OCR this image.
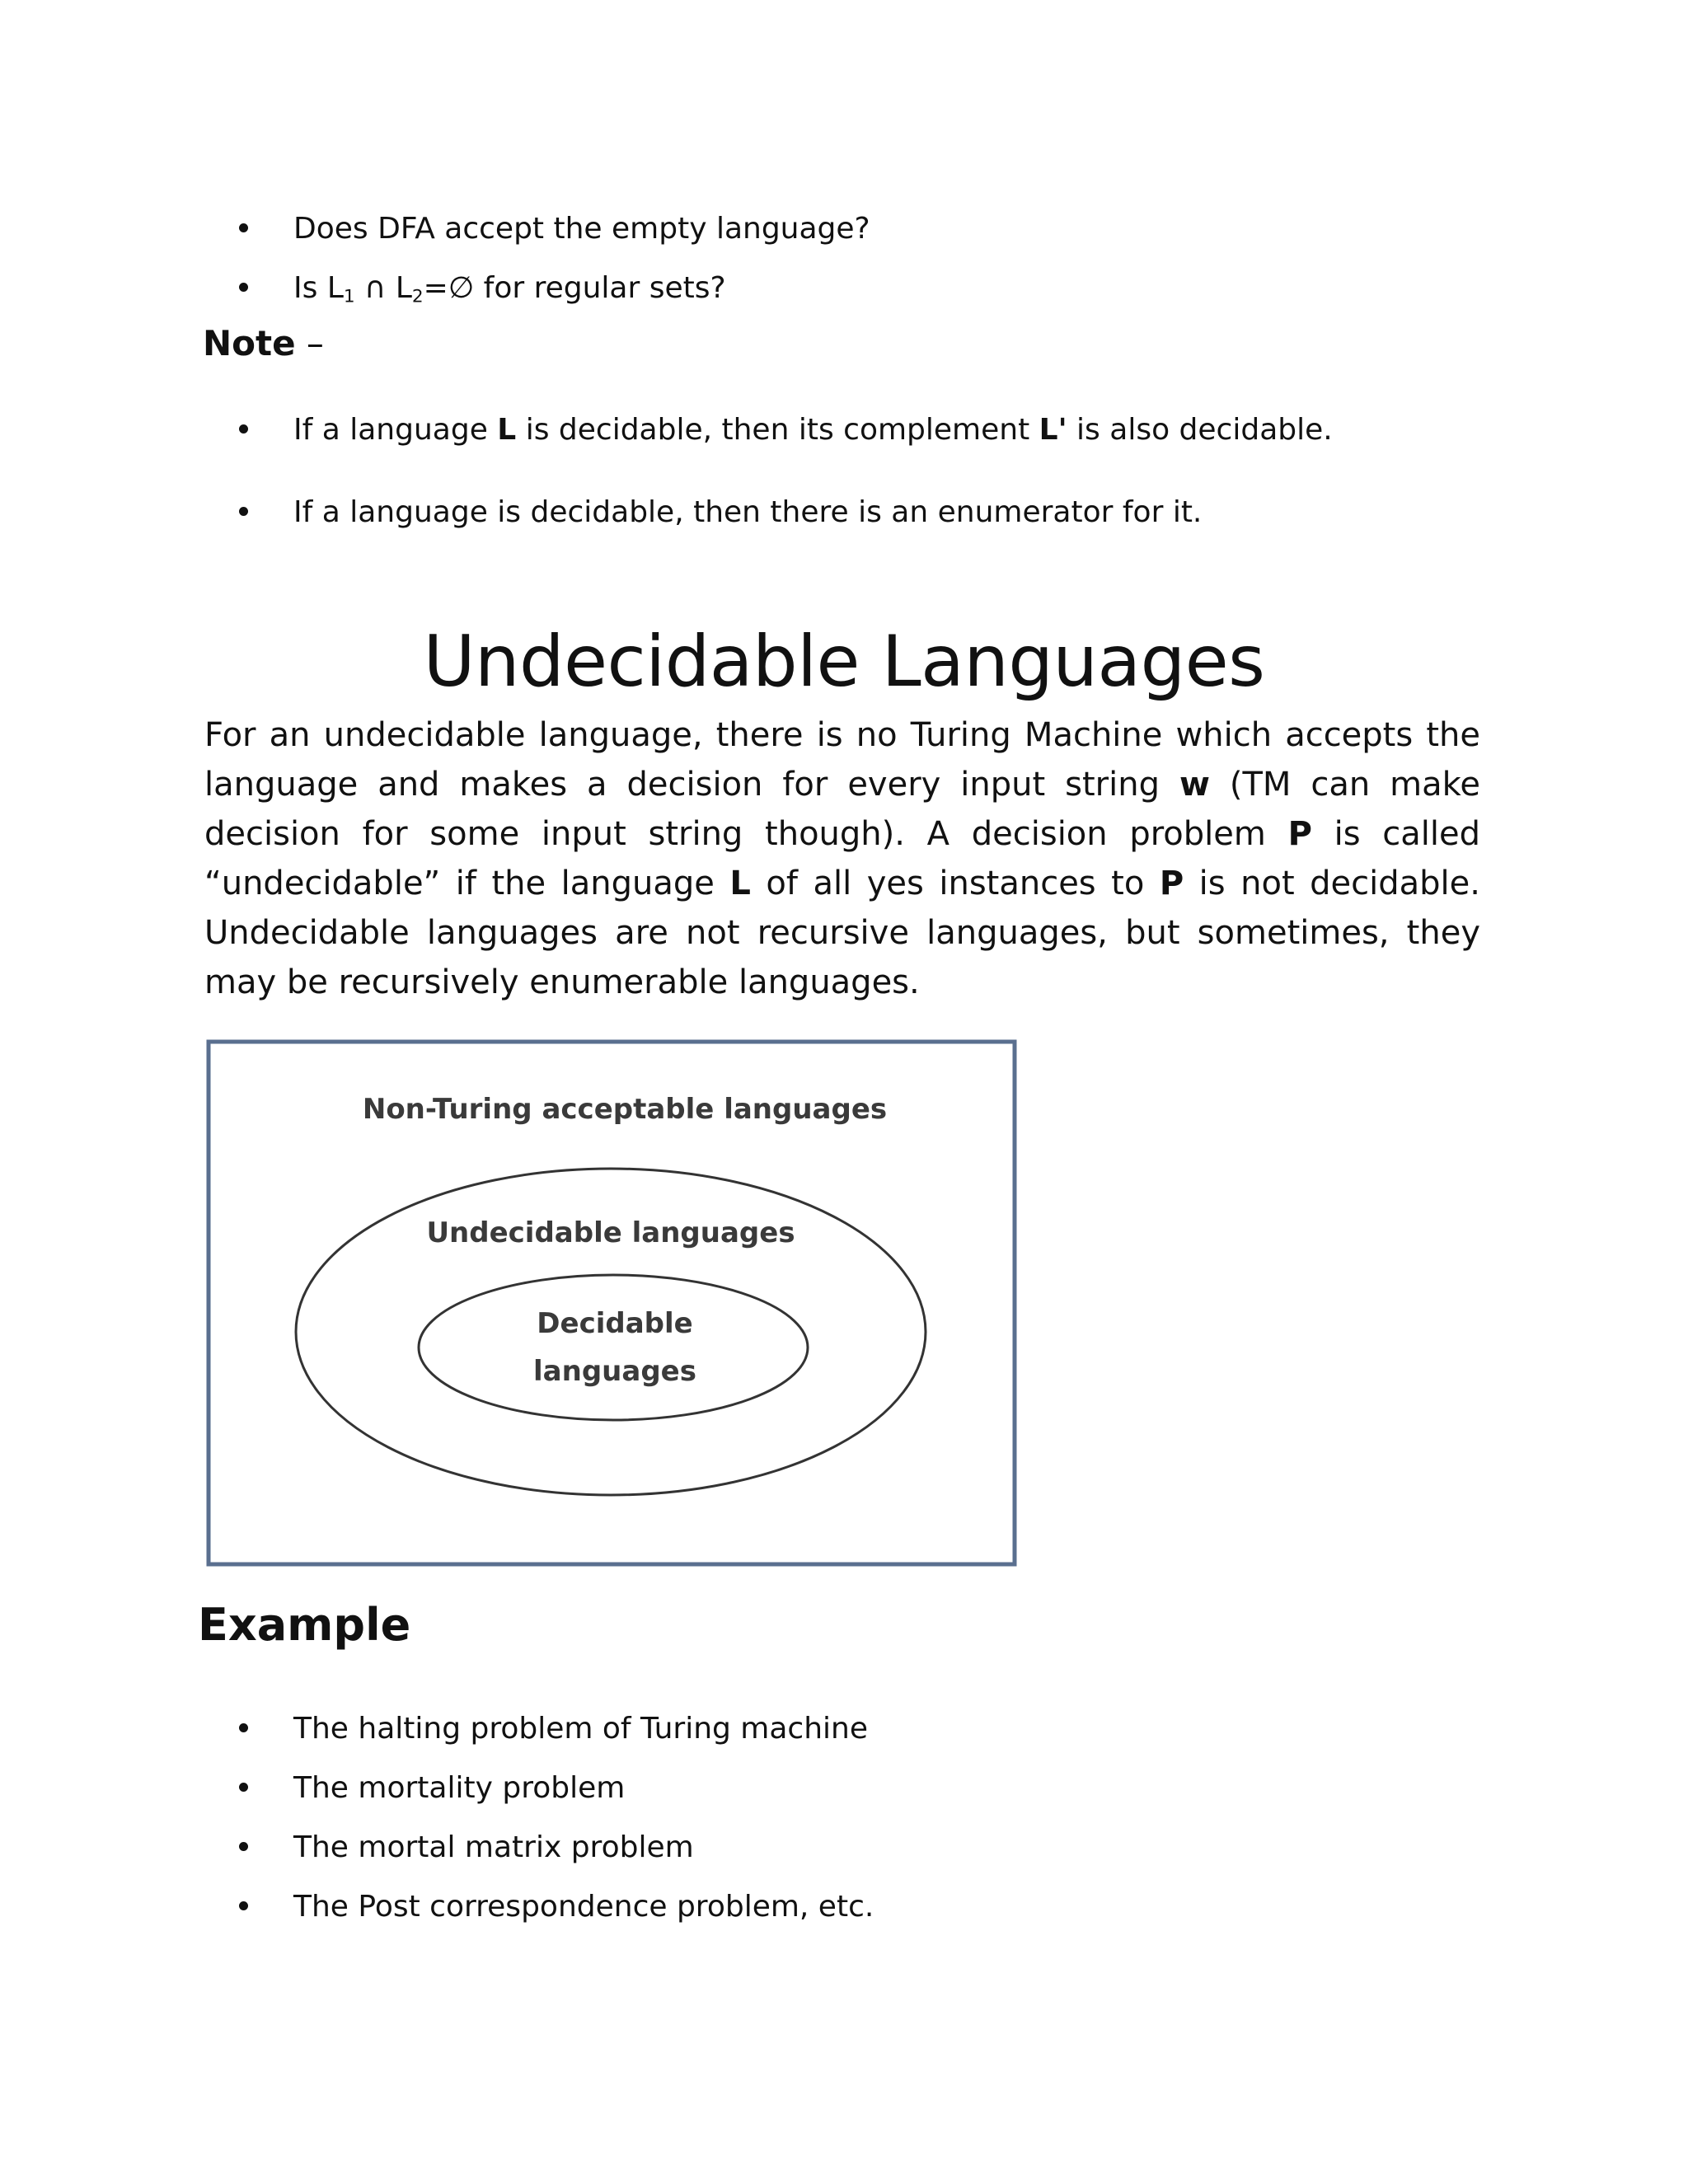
Does DFA accept the empty language?
Is $L_1$ ∩ $L_2=\emptyset$ for regular sets?
Note –
If a language L is decidable, then its complement L' is also decidable.
If a language is decidable, then there is an enumerator for it.
Undecidable Languages

For an undecidable language, there is no Turing Machine which accepts the language and makes a decision for every input string w (TM can make decision for some input string though). A decision problem P is called “undecidable” if the language L of all yes instances to P is not decidable. Undecidable languages are not recursive languages, but sometimes, they may be recursively enumerable languages.

Non-Turing acceptable languages
Undecidable languages
Decidable
languages
Example
The halting problem of Turing machine
The mortality problem
The mortal matrix problem
The Post correspondence problem, etc.
